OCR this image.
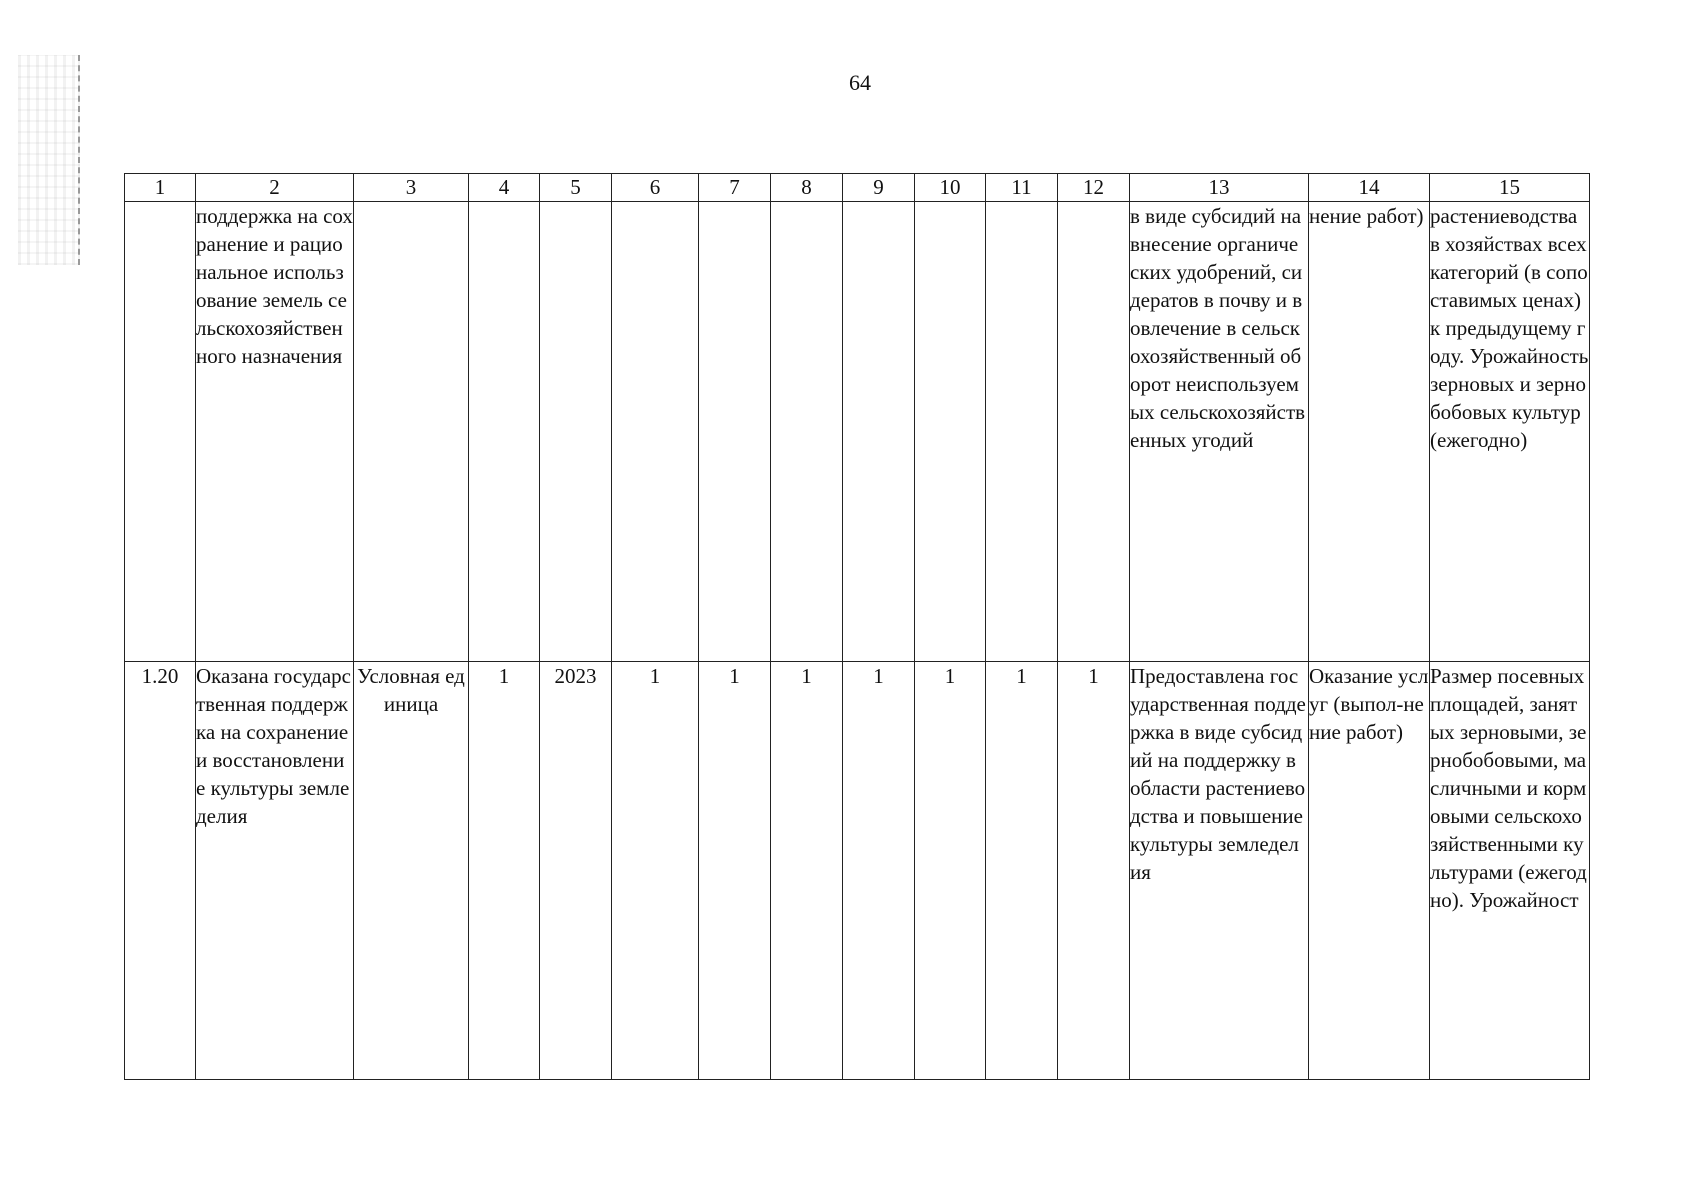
64
1	2	3	4	5	6	7	8	9	10	11	12	13	14	15
	поддержка на сохранение и рациональное использование земель сельскохозяйственного назначения											в виде субсидий на внесение органических удобрений, сидератов в почву и вовлечение в сельскохозяйственный оборот неиспользуемых сельскохозяйственных угодий	нение работ)	растениеводства в хозяйствах всех категорий (в сопоставимых ценах) к предыдущему году. Урожайность зерновых и зернобобовых культур (ежегодно)
1.20	Оказана государственная поддержка на сохранение и восстановление культуры земледелия	Условная единица	1	2023	1	1	1	1	1	1	1	Предоставлена государственная поддержка в виде субсидий на поддержку в области растениеводства и повышение культуры земледелия	Оказание услуг (выпол-нение работ)	Размер посевных площадей, занятых зерновыми, зернобобовыми, масличными и кормовыми сельскохозяйственными культурами (ежегодно). Урожайност
